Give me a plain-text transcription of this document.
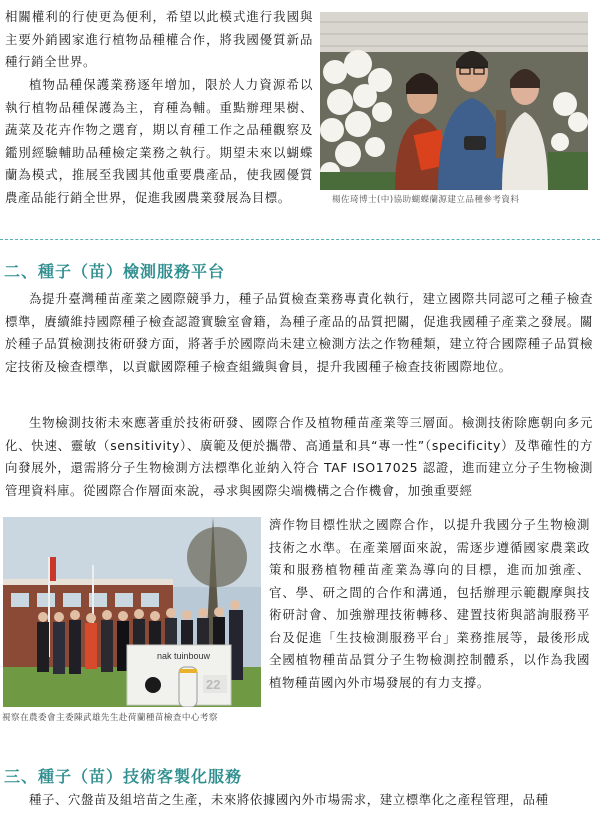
相關權利的行使更為便利，希望以此模式進行我國與主要外銷國家進行植物品種權合作，將我國優質新品種行銷全世界。

植物品種保護業務逐年增加，限於人力資源希以執行植物品種保護為主，育種為輔。重點辦理果樹、蔬菜及花卉作物之選育，期以育種工作之品種觀察及鑑別經驗輔助品種檢定業務之執行。期望未來以蝴蝶蘭為模式，推展至我國其他重要農產品，使我國優質農產品能行銷全世界，促進我國農業發展為目標。	楊佐琦博士(中)協助蝴蝶蘭源建立品種參考資料

二、種子（苗）檢測服務平台

為提升臺灣種苗產業之國際競爭力，種子品質檢查業務專責化執行，建立國際共同認可之種子檢查標準，賡續維持國際種子檢查認證實驗室會籍，為種子產品的品質把關，促進我國種子產業之發展。關於種子品質檢測技術研發方面，將著手於國際尚未建立檢測方法之作物種類，建立符合國際種子品質檢定技術及檢查標準，以貢獻國際種子檢查組織與會員，提升我國種子檢查技術國際地位。

生物檢測技術未來應著重於技術研發、國際合作及植物種苗產業等三層面。檢測技術除應朝向多元化、快速、靈敏（sensitivity）、廣範及便於攜帶、高通量和具“專一性”（specificity）及準確性的方向發展外，還需將分子生物檢測方法標準化並納入符合 TAF ISO17025 認證，進而建立分子生物檢測管理資料庫。從國際合作層面來說，尋求與國際尖端機構之合作機會，加強重要經

nak tuinbouw
22

視察在農委會主委陳武雄先生赴荷蘭種苗檢查中心考察

濟作物目標性狀之國際合作，以提升我國分子生物檢測技術之水準。在產業層面來說，需逐步遵循國家農業政策和服務植物種苗產業為導向的目標，進而加強產、官、學、研之間的合作和溝通，包括辦理示範觀摩與技術研討會、加強辦理技術轉移、建置技術與諮詢服務平台及促進「生技檢測服務平台」業務推展等，最後形成全國植物種苗品質分子生物檢測控制體系，以作為我國植物種苗國內外市場發展的有力支撐。

三、種子（苗）技術客製化服務

種子、穴盤苗及組培苗之生產，未來將依據國內外市場需求，建立標準化之產程管理，品種
